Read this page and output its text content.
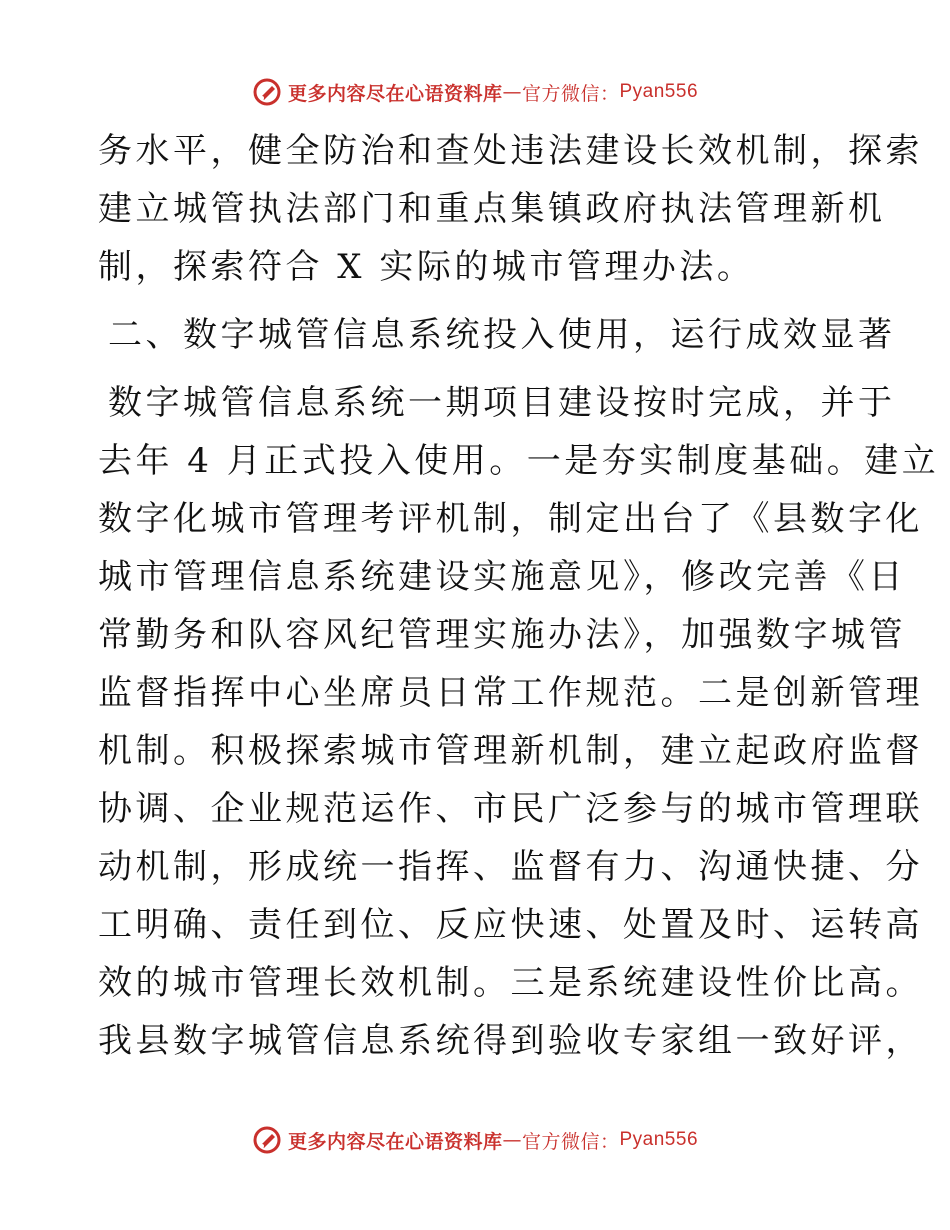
更多内容尽在心语资料库 — 官方微信： Pyan556

务水平，健全防治和查处违法建设长效机制，探索

建立城管执法部门和重点集镇政府执法管理新机

制，探索符合 X 实际的城市管理办法。

二、数字城管信息系统投入使用，运行成效显著

数字城管信息系统一期项目建设按时完成，并于

去年 4 月正式投入使用。一是夯实制度基础。建立

数字化城市管理考评机制，制定出台了《县数字化

城市管理信息系统建设实施意见》，修改完善《日

常勤务和队容风纪管理实施办法》，加强数字城管

监督指挥中心坐席员日常工作规范。二是创新管理

机制。积极探索城市管理新机制，建立起政府监督

协调、企业规范运作、市民广泛参与的城市管理联

动机制，形成统一指挥、监督有力、沟通快捷、分

工明确、责任到位、反应快速、处置及时、运转高

效的城市管理长效机制。三是系统建设性价比高。

我县数字城管信息系统得到验收专家组一致好评，

更多内容尽在心语资料库 — 官方微信： Pyan556
